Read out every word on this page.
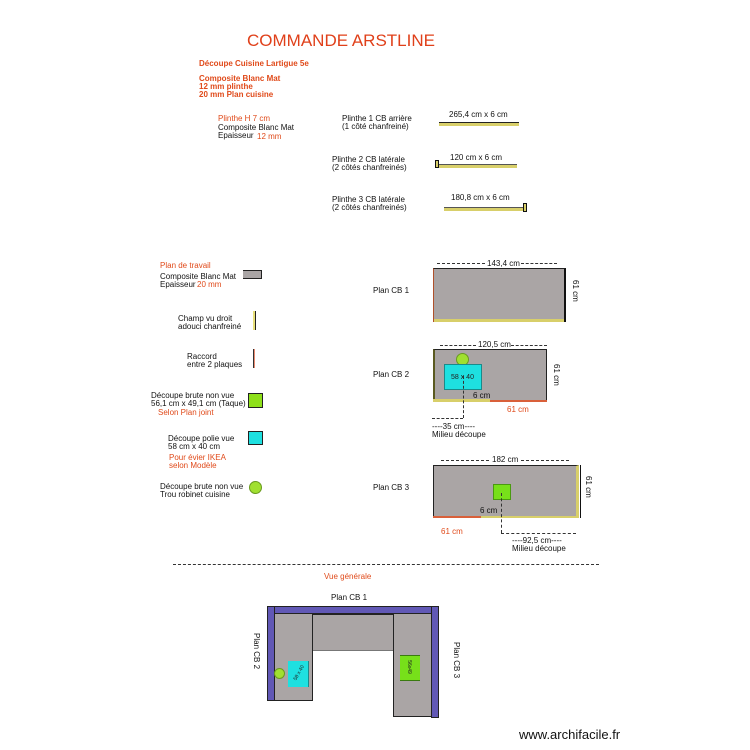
COMMANDE ARSTLINE
Découpe Cuisine Lartigue 5e
Composite Blanc Mat
12 mm plinthe
20 mm Plan cuisine
Plinthe H 7 cm
Composite Blanc Mat
Epaisseur 12 mm
Plinthe 1 CB arrière
(1 côté chanfreiné)
265,4 cm x 6 cm
Plinthe 2 CB latérale
(2 côtés chanfreinés)
120 cm x 6 cm
Plinthe 3 CB latérale
(2 côtés chanfreinés)
180,8 cm x 6 cm
Plan de travail
Composite Blanc Mat
Epaisseur 20 mm
Champ vu droit
adouci chanfreiné
Raccord
entre 2 plaques
Découpe brute non vue
56,1 cm x 49,1 cm (Taque)
Selon Plan joint
Découpe polie vue
58 cm x 40 cm
Pour évier IKEA
selon Modèle
Découpe brute non vue
Trou robinet cuisine
Plan CB 1
143,4 cm
61 cm
Plan CB 2
120,5 cm
58 x 40
6 cm
61 cm
61 cm
----35 cm----
Milieu découpe
Plan CB 3
182 cm
6 cm
61 cm
61 cm
----92,5 cm----
Milieu découpe
Vue générale
Plan CB 1
Plan CB 2	Plan CB 3
58 x 40	56x49
www.archifacile.fr
